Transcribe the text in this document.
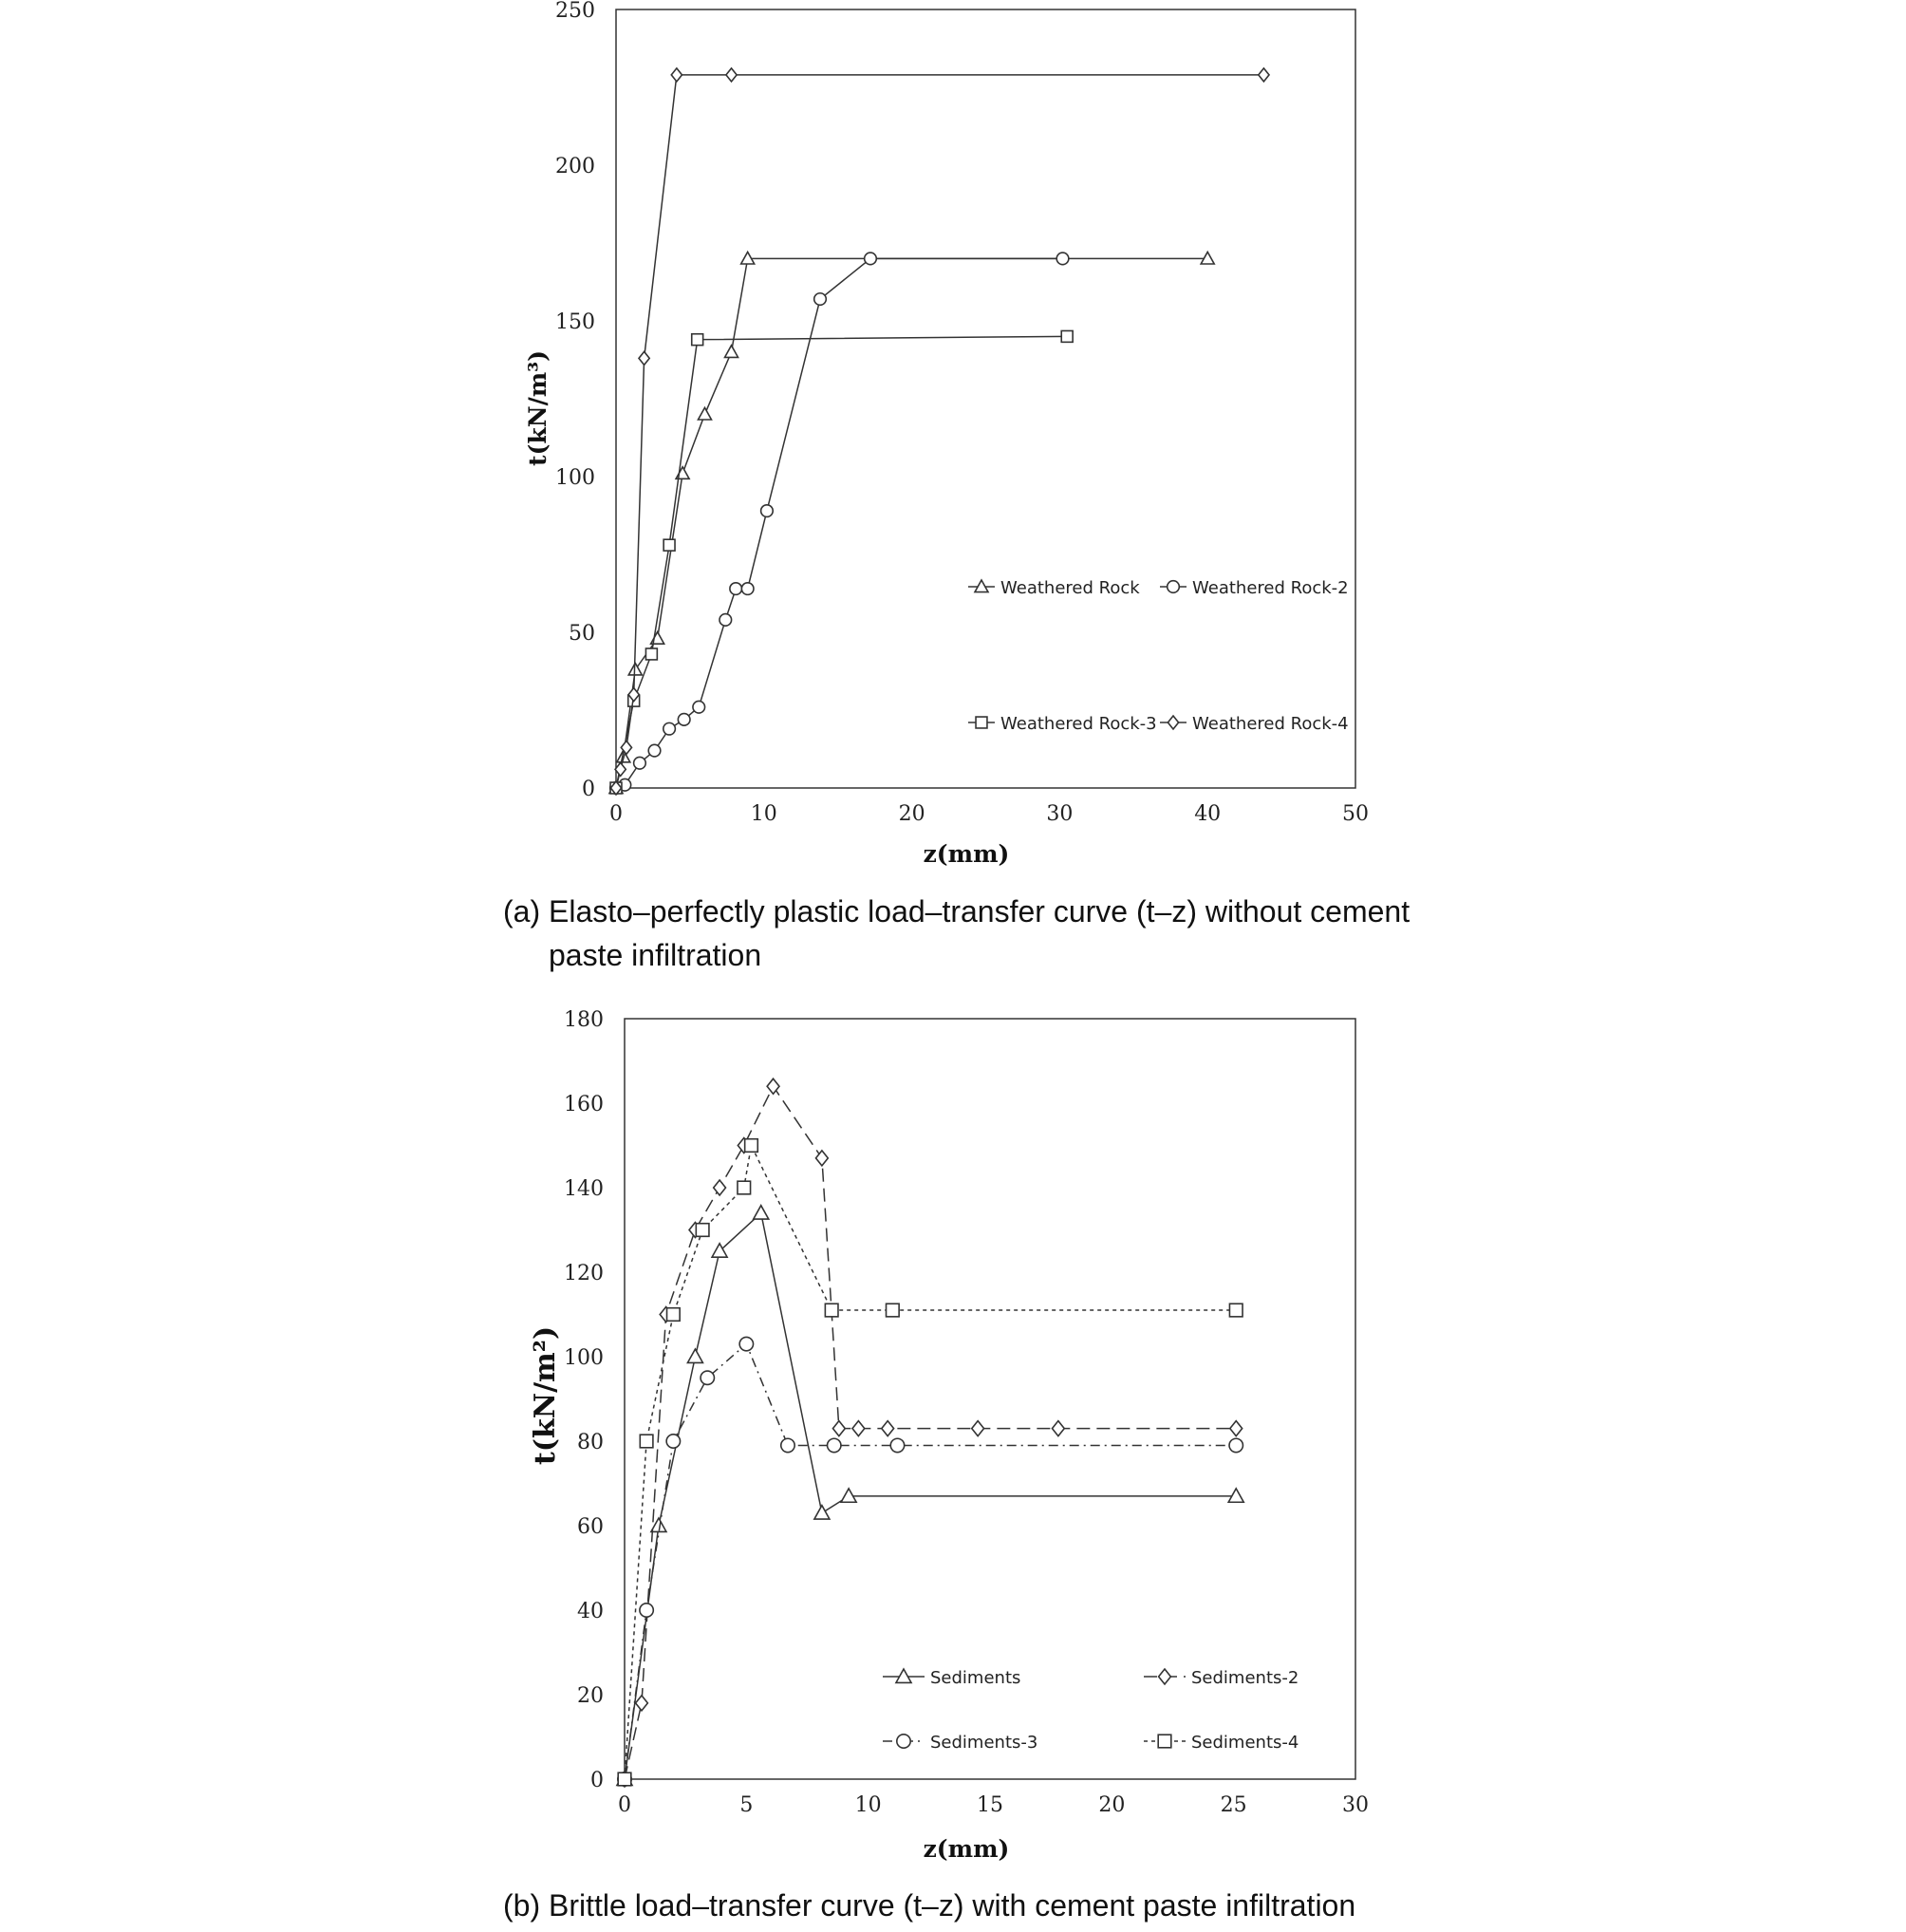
0	10	20	30	40	50
0
50
100
150
200
250
z(mm)
t(kN/m³)
Weathered Rock	Weathered Rock-2
Weathered Rock-3 Weathered Rock-4
(a) Elasto–perfectly plastic load–transfer curve (t–z) without cement
paste infiltration
0	5	10	15	20	25	30
0
20
40
60
80
100
120
140
160
180
z(mm)
t(kN/m²)
Sediments	Sediments-2
Sediments-3	Sediments-4
(b) Brittle load–transfer curve (t–z) with cement paste infiltration
